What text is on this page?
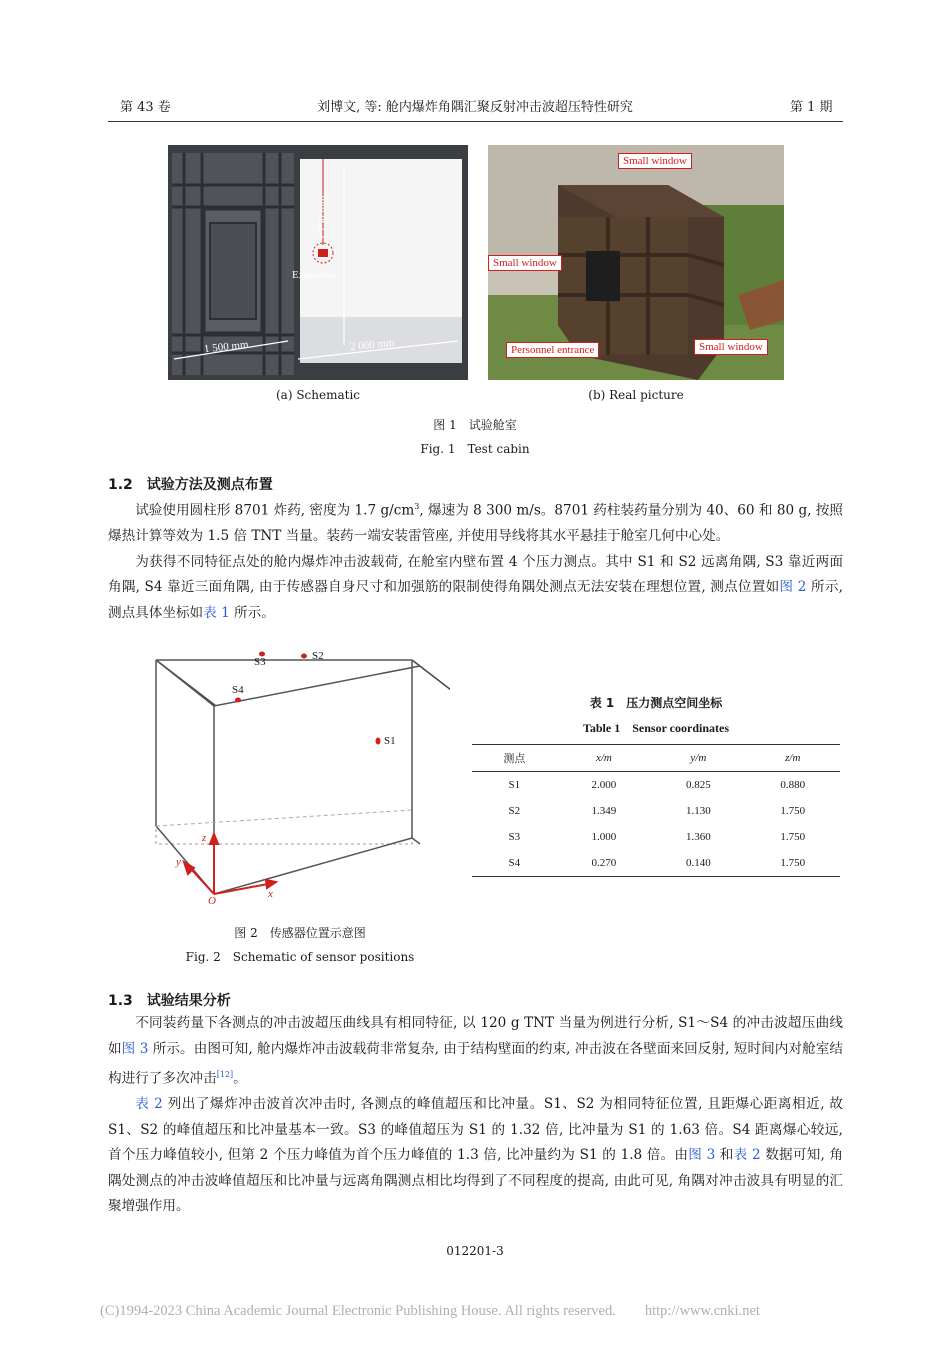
第 43 卷	刘博文, 等: 舱内爆炸角隅汇聚反射冲击波超压特性研究	第 1 期
Explosive
1 750 mm
1 500 mm	2 000 mm
Small window
Small window
Personnel entrance	Small window
(a) Schematic	(b) Real picture
图 1　试验舱室
Fig. 1　Test cabin
1.2　试验方法及测点布置

试验使用圆柱形 8701 炸药, 密度为 1.7 $g/cm^3$, 爆速为 8 300 m/s。8701 药柱装药量分别为 40、60 和 80 g, 按照爆热计算等效为 1.5 倍 TNT 当量。装药一端安装雷管座, 并使用导线将其水平悬挂于舱室几何中心处。

为获得不同特征点处的舱内爆炸冲击波载荷, 在舱室内壁布置 4 个压力测点。其中 S1 和 S2 远离角隅, S3 靠近两面角隅, S4 靠近三面角隅, 由于传感器自身尺寸和加强筋的限制使得角隅处测点无法安装在理想位置, 测点位置如图 2 所示, 测点具体坐标如表 1 所示。

S3	S2
S4
S1
z
y
x
O
图 2　传感器位置示意图
Fig. 2　Schematic of sensor positions
表 1　压力测点空间坐标
Table 1　Sensor coordinates
测点	x/m	y/m	z/m
S1	2.000	0.825	0.880
S2	1.349	1.130	1.750
S3	1.000	1.360	1.750
S4	0.270	0.140	1.750
1.3　试验结果分析

不同装药量下各测点的冲击波超压曲线具有相同特征, 以 120 g TNT 当量为例进行分析, S1～S4 的冲击波超压曲线如图 3 所示。由图可知, 舱内爆炸冲击波载荷非常复杂, 由于结构壁面的约束, 冲击波在各壁面来回反射, 短时间内对舱室结构进行了多次冲击[12]。

表 2 列出了爆炸冲击波首次冲击时, 各测点的峰值超压和比冲量。S1、S2 为相同特征位置, 且距爆心距离相近, 故 S1、S2 的峰值超压和比冲量基本一致。S3 的峰值超压为 S1 的 1.32 倍, 比冲量为 S1 的 1.63 倍。S4 距离爆心较远, 首个压力峰值较小, 但第 2 个压力峰值为首个压力峰值的 1.3 倍, 比冲量约为 S1 的 1.8 倍。由图 3 和表 2 数据可知, 角隅处测点的冲击波峰值超压和比冲量与远离角隅测点相比均得到了不同程度的提高, 由此可见, 角隅对冲击波具有明显的汇聚增强作用。

012201-3
(C)1994-2023 China Academic Journal Electronic Publishing House. All rights reserved.　　http://www.cnki.net
